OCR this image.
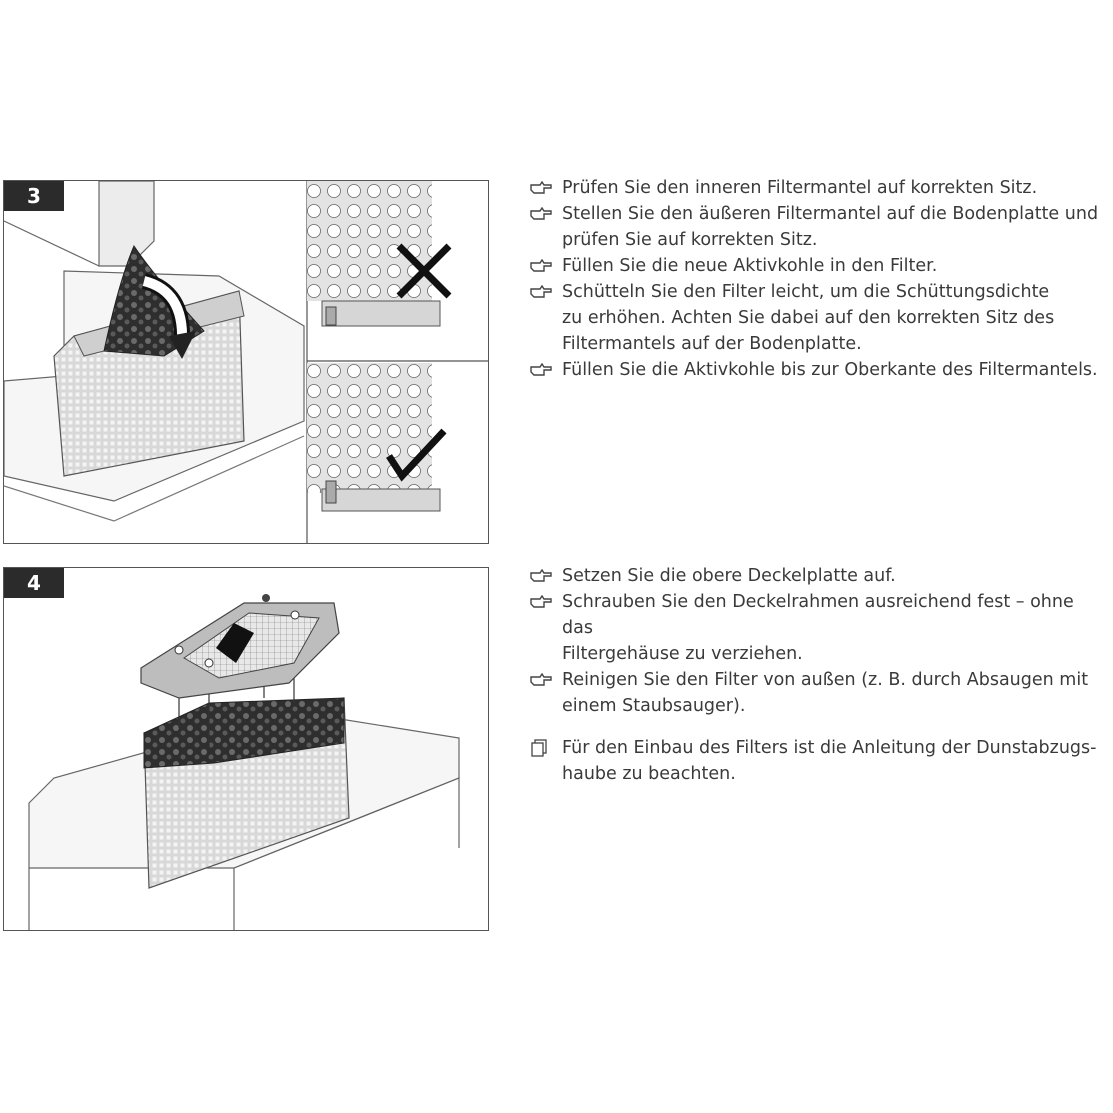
3	Prüfen Sie den inneren Filtermantel auf korrekten Sitz.
Stellen Sie den äußeren Filtermantel auf die Bodenplatte und
prüfen Sie auf korrekten Sitz.
Füllen Sie die neue Aktivkohle in den Filter.
Schütteln Sie den Filter leicht, um die Schüttungsdichte
zu erhöhen. Achten Sie dabei auf den korrekten Sitz des
Filtermantels auf der Bodenplatte.
Füllen Sie die Aktivkohle bis zur Oberkante des Filtermantels.
4	Setzen Sie die obere Deckelplatte auf.
Schrauben Sie den Deckelrahmen ausreichend fest – ohne das
Filtergehäuse zu verziehen.
Reinigen Sie den Filter von außen (z. B. durch Absaugen mit
einem Staubsauger).
Für den Einbau des Filters ist die Anleitung der Dunstabzugs-
haube zu beachten.
